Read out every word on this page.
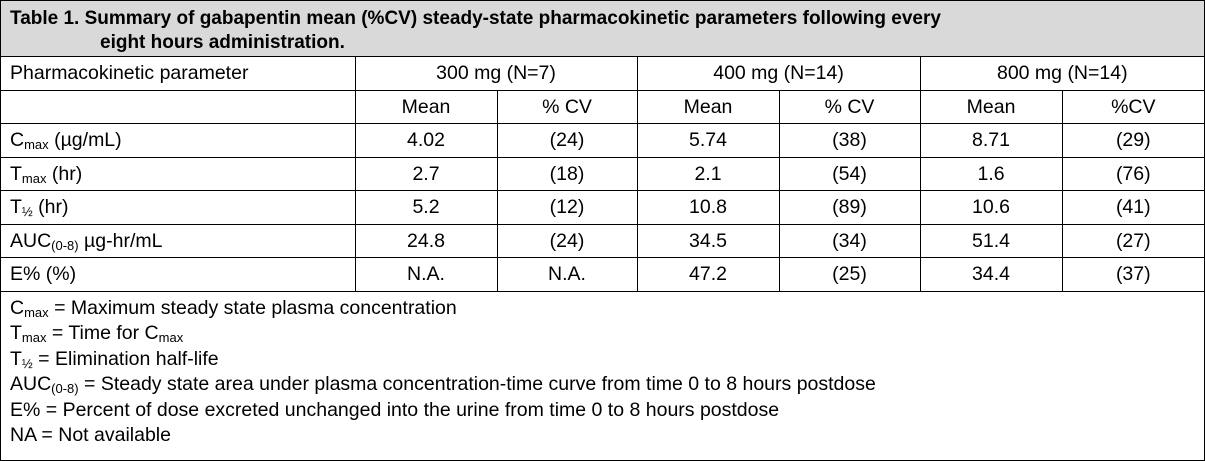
Table 1. Summary of gabapentin mean (%CV) steady-state pharmacokinetic parameters following every
eight hours administration.
Pharmacokinetic parameter	300 mg (N=7)		400 mg (N=14)		800 mg (N=14)	
	Mean	% CV	Mean	% CV	Mean	%CV
$C_{max}$ (µg/mL)	4.02	(24)	5.74	(38)	8.71	(29)
$T_{max}$ (hr)	2.7	(18)	2.1	(54)	1.6	(76)
$T_{\frac{1}{2}}$ (hr)	5.2	(12)	10.8	(89)	10.6	(41)
$AUC_{(0-8)}$ µg-hr/mL	24.8	(24)	34.5	(34)	51.4	(27)
E% (%)	N.A.	N.A.	47.2	(25)	34.4	(37)
$C_{max}$ = Maximum steady state plasma concentration
$T_{max}$ = Time for $C_{max}$
$T_{\frac{1}{2}}$ = Elimination half-life
$AUC_{(0-8)}$ = Steady state area under plasma concentration-time curve from time 0 to 8 hours postdose
E% = Percent of dose excreted unchanged into the urine from time 0 to 8 hours postdose
NA = Not available
